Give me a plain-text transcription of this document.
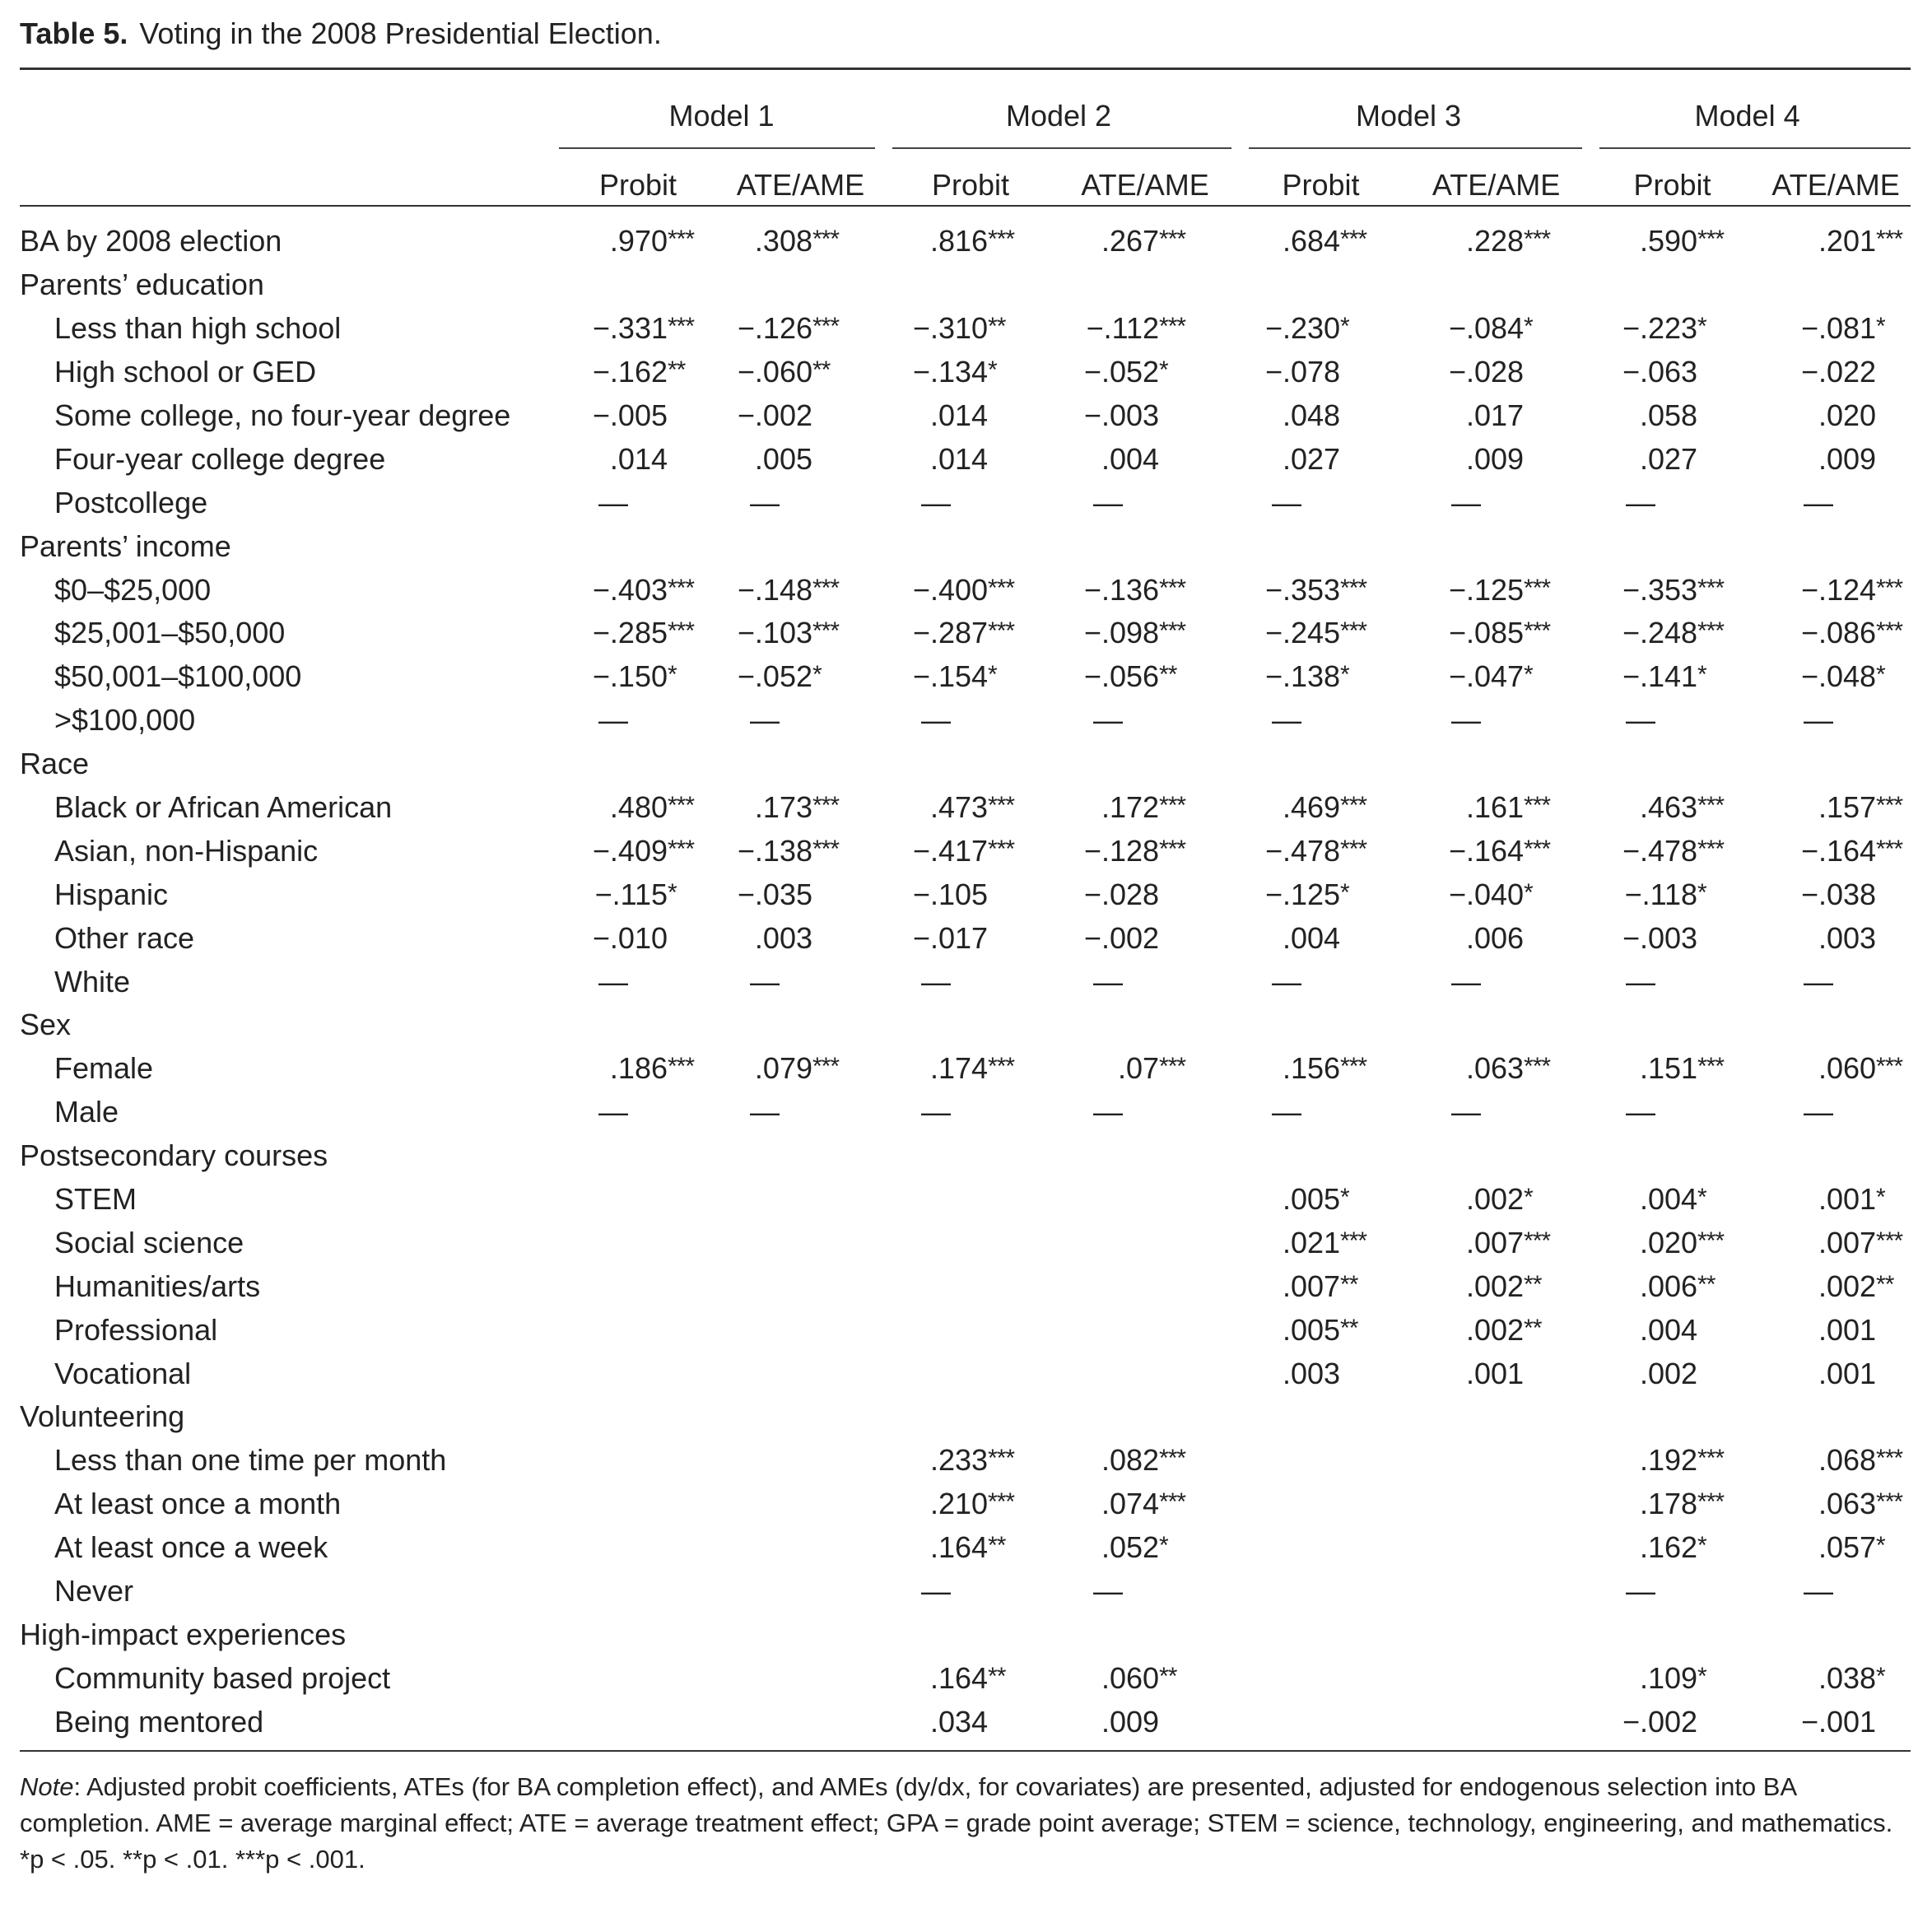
Table 5. Voting in the 2008 Presidential Election.

	Model 1		Model 2		Model 3		Model 4	

	Probit	ATE/AME	Probit	ATE/AME	Probit	ATE/AME	Probit	ATE/AME
BA by 2008 election	.970***	.308***	.816***	.267***	.684***	.228***	.590***	.201***
Parents’ education								
Less than high school	−.331***	−.126***	−.310**	−.112***	−.230*	−.084*	−.223*	−.081*
High school or GED	−.162**	−.060**	−.134*	−.052*	−.078	−.028	−.063	−.022
Some college, no four-year degree	−.005	−.002	.014	−.003	.048	.017	.058	.020
Four-year college degree	.014	.005	.014	.004	.027	.009	.027	.009
Postcollege	—	—	—	—	—	—	—	—
Parents’ income								
$0–$25,000	−.403***	−.148***	−.400***	−.136***	−.353***	−.125***	−.353***	−.124***
$25,001–$50,000	−.285***	−.103***	−.287***	−.098***	−.245***	−.085***	−.248***	−.086***
$50,001–$100,000	−.150*	−.052*	−.154*	−.056**	−.138*	−.047*	−.141*	−.048*
>$100,000	—	—	—	—	—	—	—	—
Race								
Black or African American	.480***	.173***	.473***	.172***	.469***	.161***	.463***	.157***
Asian, non-Hispanic	−.409***	−.138***	−.417***	−.128***	−.478***	−.164***	−.478***	−.164***
Hispanic	−.115*	−.035	−.105	−.028	−.125*	−.040*	−.118*	−.038
Other race	−.010	.003	−.017	−.002	.004	.006	−.003	.003
White	—	—	—	—	—	—	—	—
Sex								
Female	.186***	.079***	.174***	.07***	.156***	.063***	.151***	.060***
Male	—	—	—	—	—	—	—	—
Postsecondary courses								
STEM					.005*	.002*	.004*	.001*
Social science					.021***	.007***	.020***	.007***
Humanities/arts					.007**	.002**	.006**	.002**
Professional					.005**	.002**	.004	.001
Vocational					.003	.001	.002	.001
Volunteering								
Less than one time per month			.233***	.082***			.192***	.068***
At least once a month			.210***	.074***			.178***	.063***
At least once a week			.164**	.052*			.162*	.057*
Never			—	—			—	—
High-impact experiences								
Community based project			.164**	.060**			.109*	.038*
Being mentored			.034	.009			−.002	−.001
Note: Adjusted probit coefficients, ATEs (for BA completion effect), and AMEs (dy/dx, for covariates) are presented, adjusted for endogenous selection into BA completion. AME = average marginal effect; ATE = average treatment effect; GPA = grade point average; STEM = science, technology, engineering, and mathematics.
*p < .05. **p < .01. ***p < .001.
